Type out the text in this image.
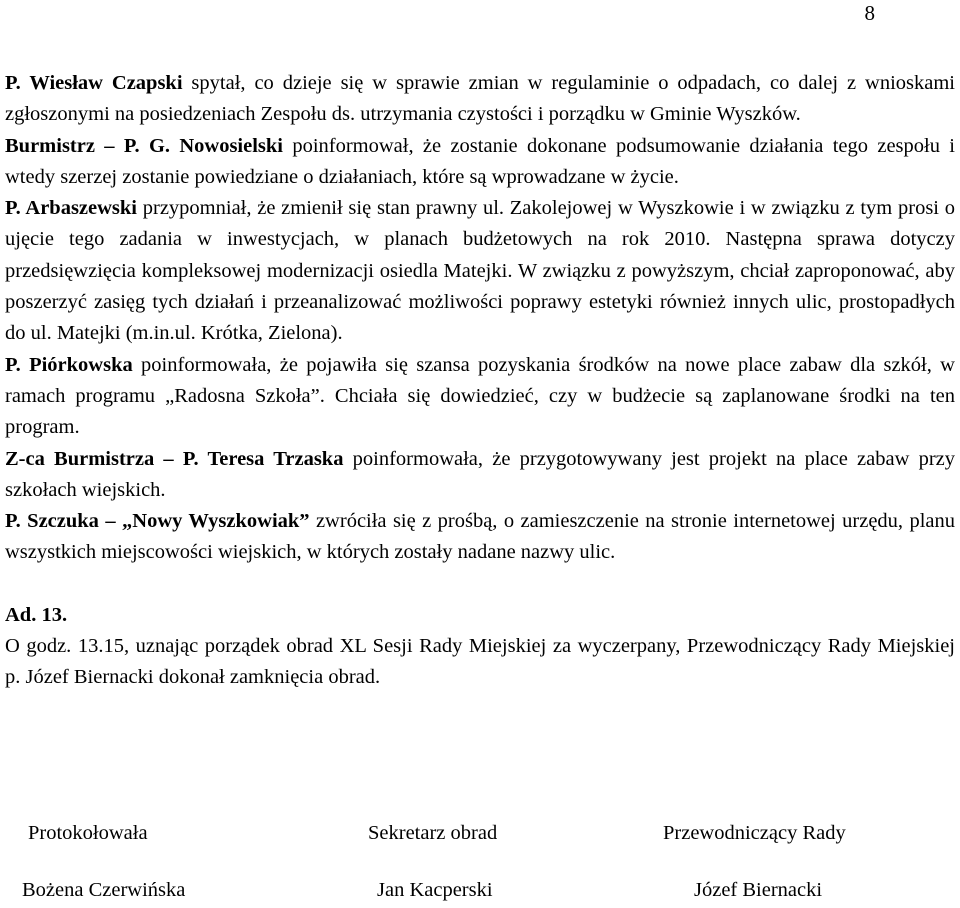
8

P. Wiesław Czapski spytał, co dzieje się w sprawie zmian w regulaminie o odpadach, co dalej z wnioskami zgłoszonymi na posiedzeniach Zespołu ds. utrzymania czystości i porządku w Gminie Wyszków.

Burmistrz – P. G. Nowosielski poinformował, że zostanie dokonane podsumowanie działania tego zespołu i wtedy szerzej zostanie powiedziane o działaniach, które są wprowadzane w życie.

P. Arbaszewski przypomniał, że zmienił się stan prawny ul. Zakolejowej w Wyszkowie i w związku z tym prosi o ujęcie tego zadania w inwestycjach, w planach budżetowych na rok 2010. Następna sprawa dotyczy przedsięwzięcia kompleksowej modernizacji osiedla Matejki. W związku z powyższym, chciał zaproponować, aby poszerzyć zasięg tych działań i przeanalizować możliwości poprawy estetyki również innych ulic, prostopadłych do ul. Matejki (m.in.ul. Krótka, Zielona).

P. Piórkowska poinformowała, że pojawiła się szansa pozyskania środków na nowe place zabaw dla szkół, w ramach programu „Radosna Szkoła”. Chciała się dowiedzieć, czy w budżecie są zaplanowane środki na ten program.

Z-ca Burmistrza – P. Teresa Trzaska poinformowała, że przygotowywany jest projekt na place zabaw przy szkołach wiejskich.

P. Szczuka – „Nowy Wyszkowiak” zwróciła się z prośbą, o zamieszczenie na stronie internetowej urzędu, planu wszystkich miejscowości wiejskich, w których zostały nadane nazwy ulic.

Ad. 13.

O godz. 13.15, uznając porządek obrad XL Sesji Rady Miejskiej za wyczerpany, Przewodniczący Rady Miejskiej p. Józef Biernacki dokonał zamknięcia obrad.

Protokołowała	Sekretarz obrad	Przewodniczący Rady
Bożena Czerwińska	Jan Kacperski	Józef Biernacki
